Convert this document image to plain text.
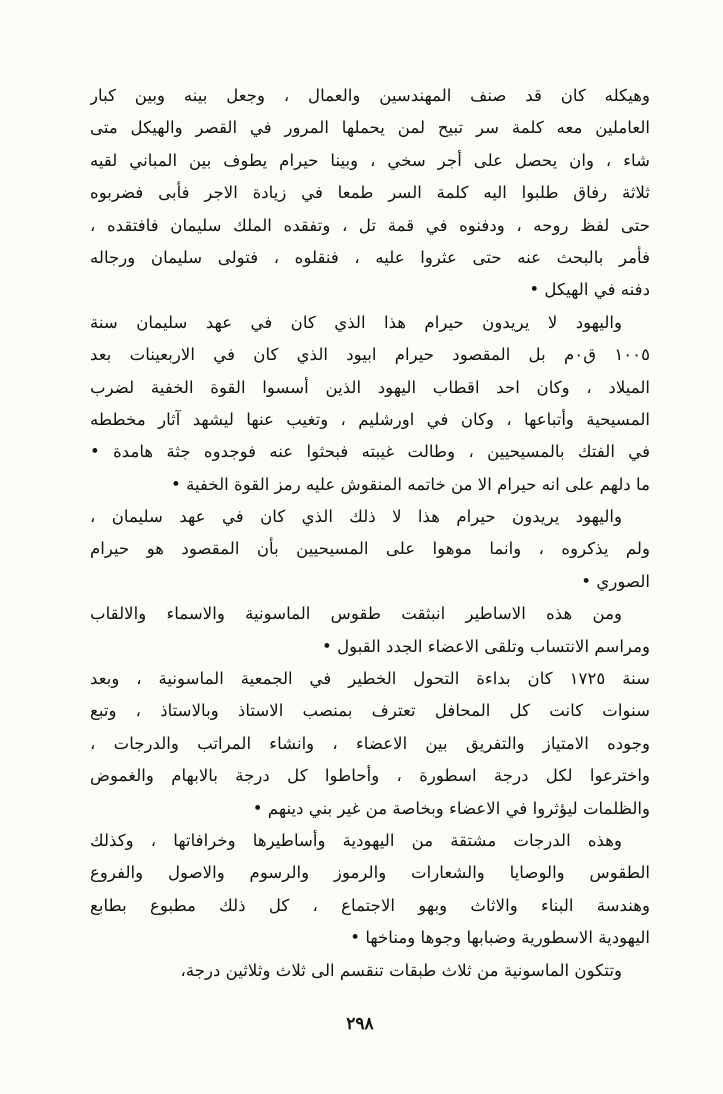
وهيكله كان قد صنف المهندسين والعمال ، وجعل بينه وبين كبار
العاملين معه كلمة سر تبيح لمن يحملها المرور في القصر والهيكل متى
شاء ، وان يحصل على أجر سخي ، وبينا حيرام يطوف بين المباني لقيه
ثلاثة رفاق طلبوا اليه كلمة السر طمعا في زيادة الاجر فأبى فضربوه
حتى لفظ روحه ، ودفنوه في قمة تل ، وتفقده الملك سليمان فافتقده ،
فأمر بالبحث عنه حتى عثروا عليه ، فنقلوه ، فتولى سليمان ورجاله
دفنه في الهيكل •
واليهود لا يريدون حيرام هذا الذي كان في عهد سليمان سنة
١٠٠٥ ق٠م بل المقصود حيرام ابيود الذي كان في الاربعينات بعد
الميلاد ، وكان احد اقطاب اليهود الذين أسسوا القوة الخفية لضرب
المسيحية وأتباعها ، وكان في اورشليم ، وتغيب عنها ليشهد آثار مخططه
في الفتك بالمسيحيين ، وطالت غيبته فبحثوا عنه فوجدوه جثة هامدة •
ما دلهم على انه حيرام الا من خاتمه المنقوش عليه رمز القوة الخفية •
واليهود يريدون حيرام هذا لا ذلك الذي كان في عهد سليمان ،
ولم يذكروه ، وانما موهوا على المسيحيين بأن المقصود هو حيرام
الصوري •
ومن هذه الاساطير انبثقت طقوس الماسونية والاسماء والالقاب
ومراسم الانتساب وتلقى الاعضاء الجدد القبول •
سنة ١٧٢٥ كان بداءة التحول الخطير في الجمعية الماسونية ، وبعد
سنوات كانت كل المحافل تعترف بمنصب الاستاذ وبالاستاذ ، وتبع
وجوده الامتياز والتفريق بين الاعضاء ، وانشاء المراتب والدرجات ،
واخترعوا لكل درجة اسطورة ، وأحاطوا كل درجة بالابهام والغموض
والظلمات ليؤثروا في الاعضاء وبخاصة من غير بني دينهم •
وهذه الدرجات مشتقة من اليهودية وأساطيرها وخرافاتها ، وكذلك
الطقوس والوصايا والشعارات والرموز والرسوم والاصول والفروع
وهندسة البناء والاثاث وبهو الاجتماع ، كل ذلك مطبوع بطابع
اليهودية الاسطورية وضبابها وجوها ومناخها •
وتتكون الماسونية من ثلاث طبقات تنقسم الى ثلاث وثلاثين درجة،
٢٩٨
